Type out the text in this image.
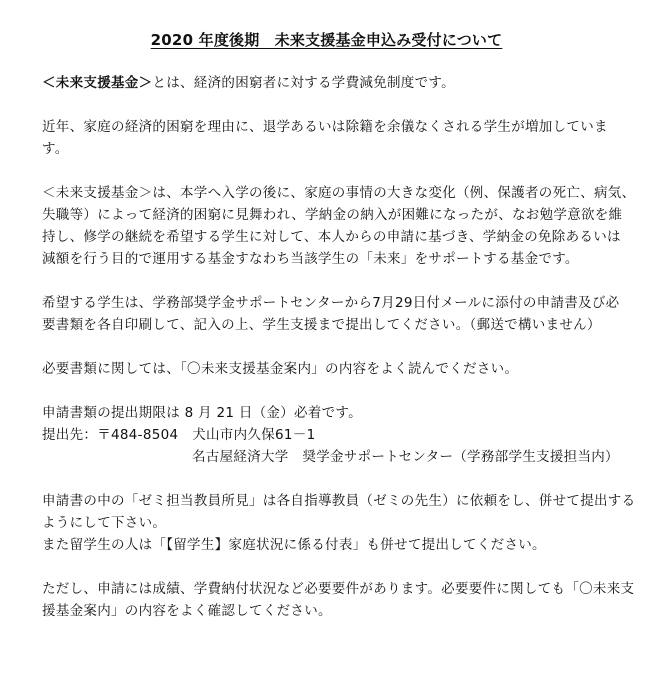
2020 年度後期　未来支援基金申込み受付について

＜未来支援基金＞とは、経済的困窮者に対する学費減免制度です。

近年、家庭の経済的困窮を理由に、退学あるいは除籍を余儀なくされる学生が増加していま
す。

＜未来支援基金＞は、本学へ入学の後に、家庭の事情の大きな変化（例、保護者の死亡、病気、
失職等）によって経済的困窮に見舞われ、学納金の納入が困難になったが、なお勉学意欲を維
持し、修学の継続を希望する学生に対して、本人からの申請に基づき、学納金の免除あるいは
減額を行う目的で運用する基金すなわち当該学生の「未来」をサポートする基金です。

希望する学生は、学務部奨学金サポートセンターから7月29日付メールに添付の申請書及び必
要書類を各自印刷して、記入の上、学生支援まで提出してください。（郵送で構いません）

必要書類に関しては、「〇未来支援基金案内」の内容をよく読んでください。

申請書類の提出期限は 8 月 21 日（金）必着です。
提出先：〒484-8504　犬山市内久保61－1
名古屋経済大学　奨学金サポートセンター（学務部学生支援担当内）

申請書の中の「ゼミ担当教員所見」は各自指導教員（ゼミの先生）に依頼をし、併せて提出する
ようにして下さい。
また留学生の人は「【留学生】家庭状況に係る付表」も併せて提出してください。

ただし、申請には成績、学費納付状況など必要要件があります。必要要件に関しても「〇未来支
援基金案内」の内容をよく確認してください。
